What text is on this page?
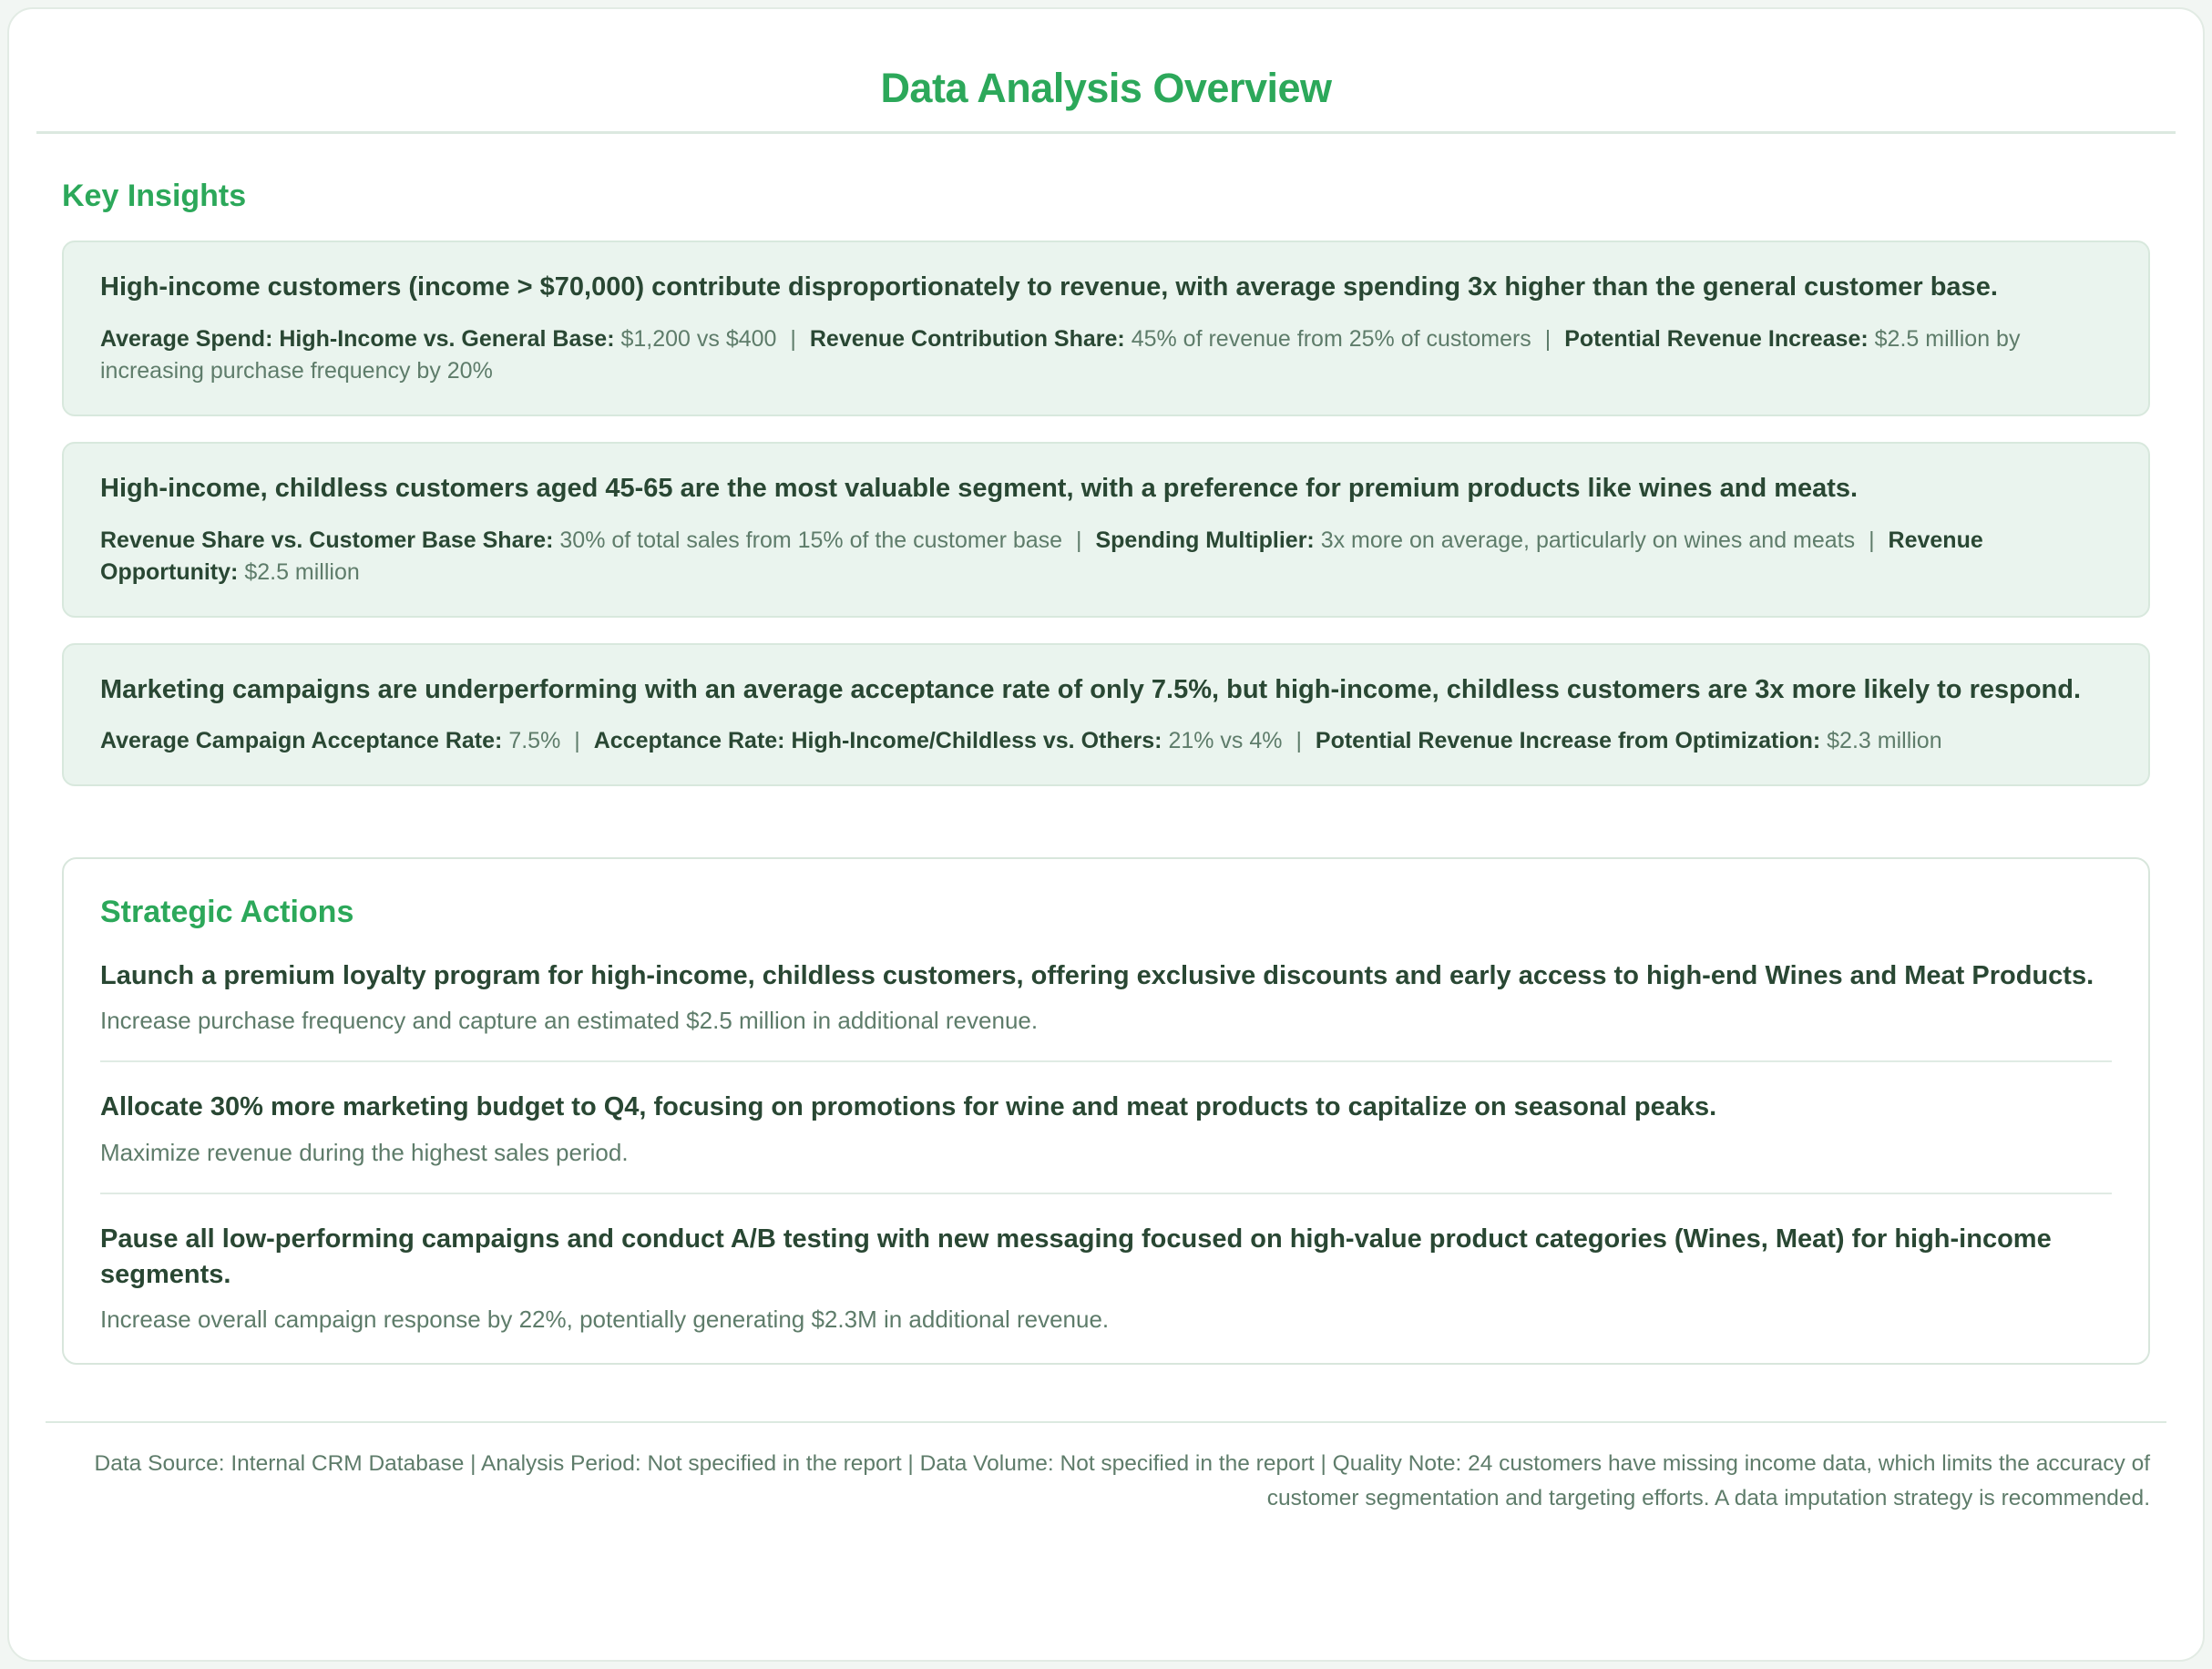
Data Analysis Overview
Key Insights

High-income customers (income > $70,000) contribute disproportionately to revenue, with average spending 3x higher than the general customer base.

Average Spend: High-Income vs. General Base: $1,200 vs $400 | Revenue Contribution Share: 45% of revenue from 25% of customers | Potential Revenue Increase: $2.5 million by increasing purchase frequency by 20%

High-income, childless customers aged 45-65 are the most valuable segment, with a preference for premium products like wines and meats.

Revenue Share vs. Customer Base Share: 30% of total sales from 15% of the customer base | Spending Multiplier: 3x more on average, particularly on wines and meats | Revenue Opportunity: $2.5 million

Marketing campaigns are underperforming with an average acceptance rate of only 7.5%, but high-income, childless customers are 3x more likely to respond.

Average Campaign Acceptance Rate: 7.5% | Acceptance Rate: High-Income/Childless vs. Others: 21% vs 4% | Potential Revenue Increase from Optimization: $2.3 million

Strategic Actions

Launch a premium loyalty program for high-income, childless customers, offering exclusive discounts and early access to high-end Wines and Meat Products.

Increase purchase frequency and capture an estimated $2.5 million in additional revenue.

Allocate 30% more marketing budget to Q4, focusing on promotions for wine and meat products to capitalize on seasonal peaks.

Maximize revenue during the highest sales period.

Pause all low-performing campaigns and conduct A/B testing with new messaging focused on high-value product categories (Wines, Meat) for high-income segments.

Increase overall campaign response by 22%, potentially generating $2.3M in additional revenue.

Data Source: Internal CRM Database | Analysis Period: Not specified in the report | Data Volume: Not specified in the report | Quality Note: 24 customers have missing income data, which limits the accuracy of customer segmentation and targeting efforts. A data imputation strategy is recommended.
